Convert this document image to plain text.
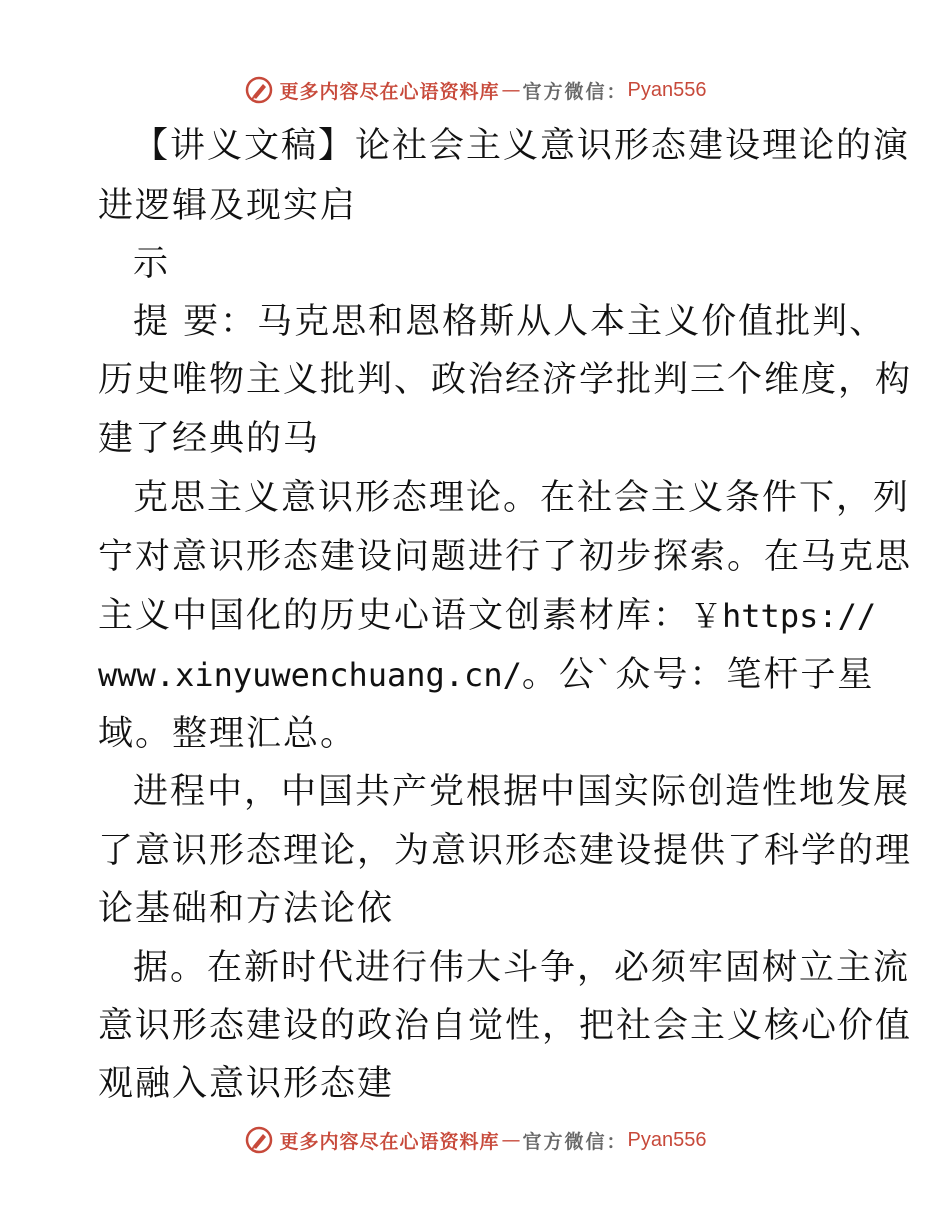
更多内容尽在心语资料库 — 官方微信： Pyan556
【讲义文稿】论社会主义意识形态建设理论的演
进逻辑及现实启
示
提 要：马克思和恩格斯从人本主义价值批判、
历史唯物主义批判、政治经济学批判三个维度，构
建了经典的马
克思主义意识形态理论。在社会主义条件下，列
宁对意识形态建设问题进行了初步探索。在马克思
主义中国化的历史心语文创素材库：￥https://
www.xinyuwenchuang.cn/。公`众号：笔杆子星
域。整理汇总。
进程中，中国共产党根据中国实际创造性地发展
了意识形态理论，为意识形态建设提供了科学的理
论基础和方法论依
据。在新时代进行伟大斗争，必须牢固树立主流
意识形态建设的政治自觉性，把社会主义核心价值
观融入意识形态建
更多内容尽在心语资料库 — 官方微信： Pyan556
